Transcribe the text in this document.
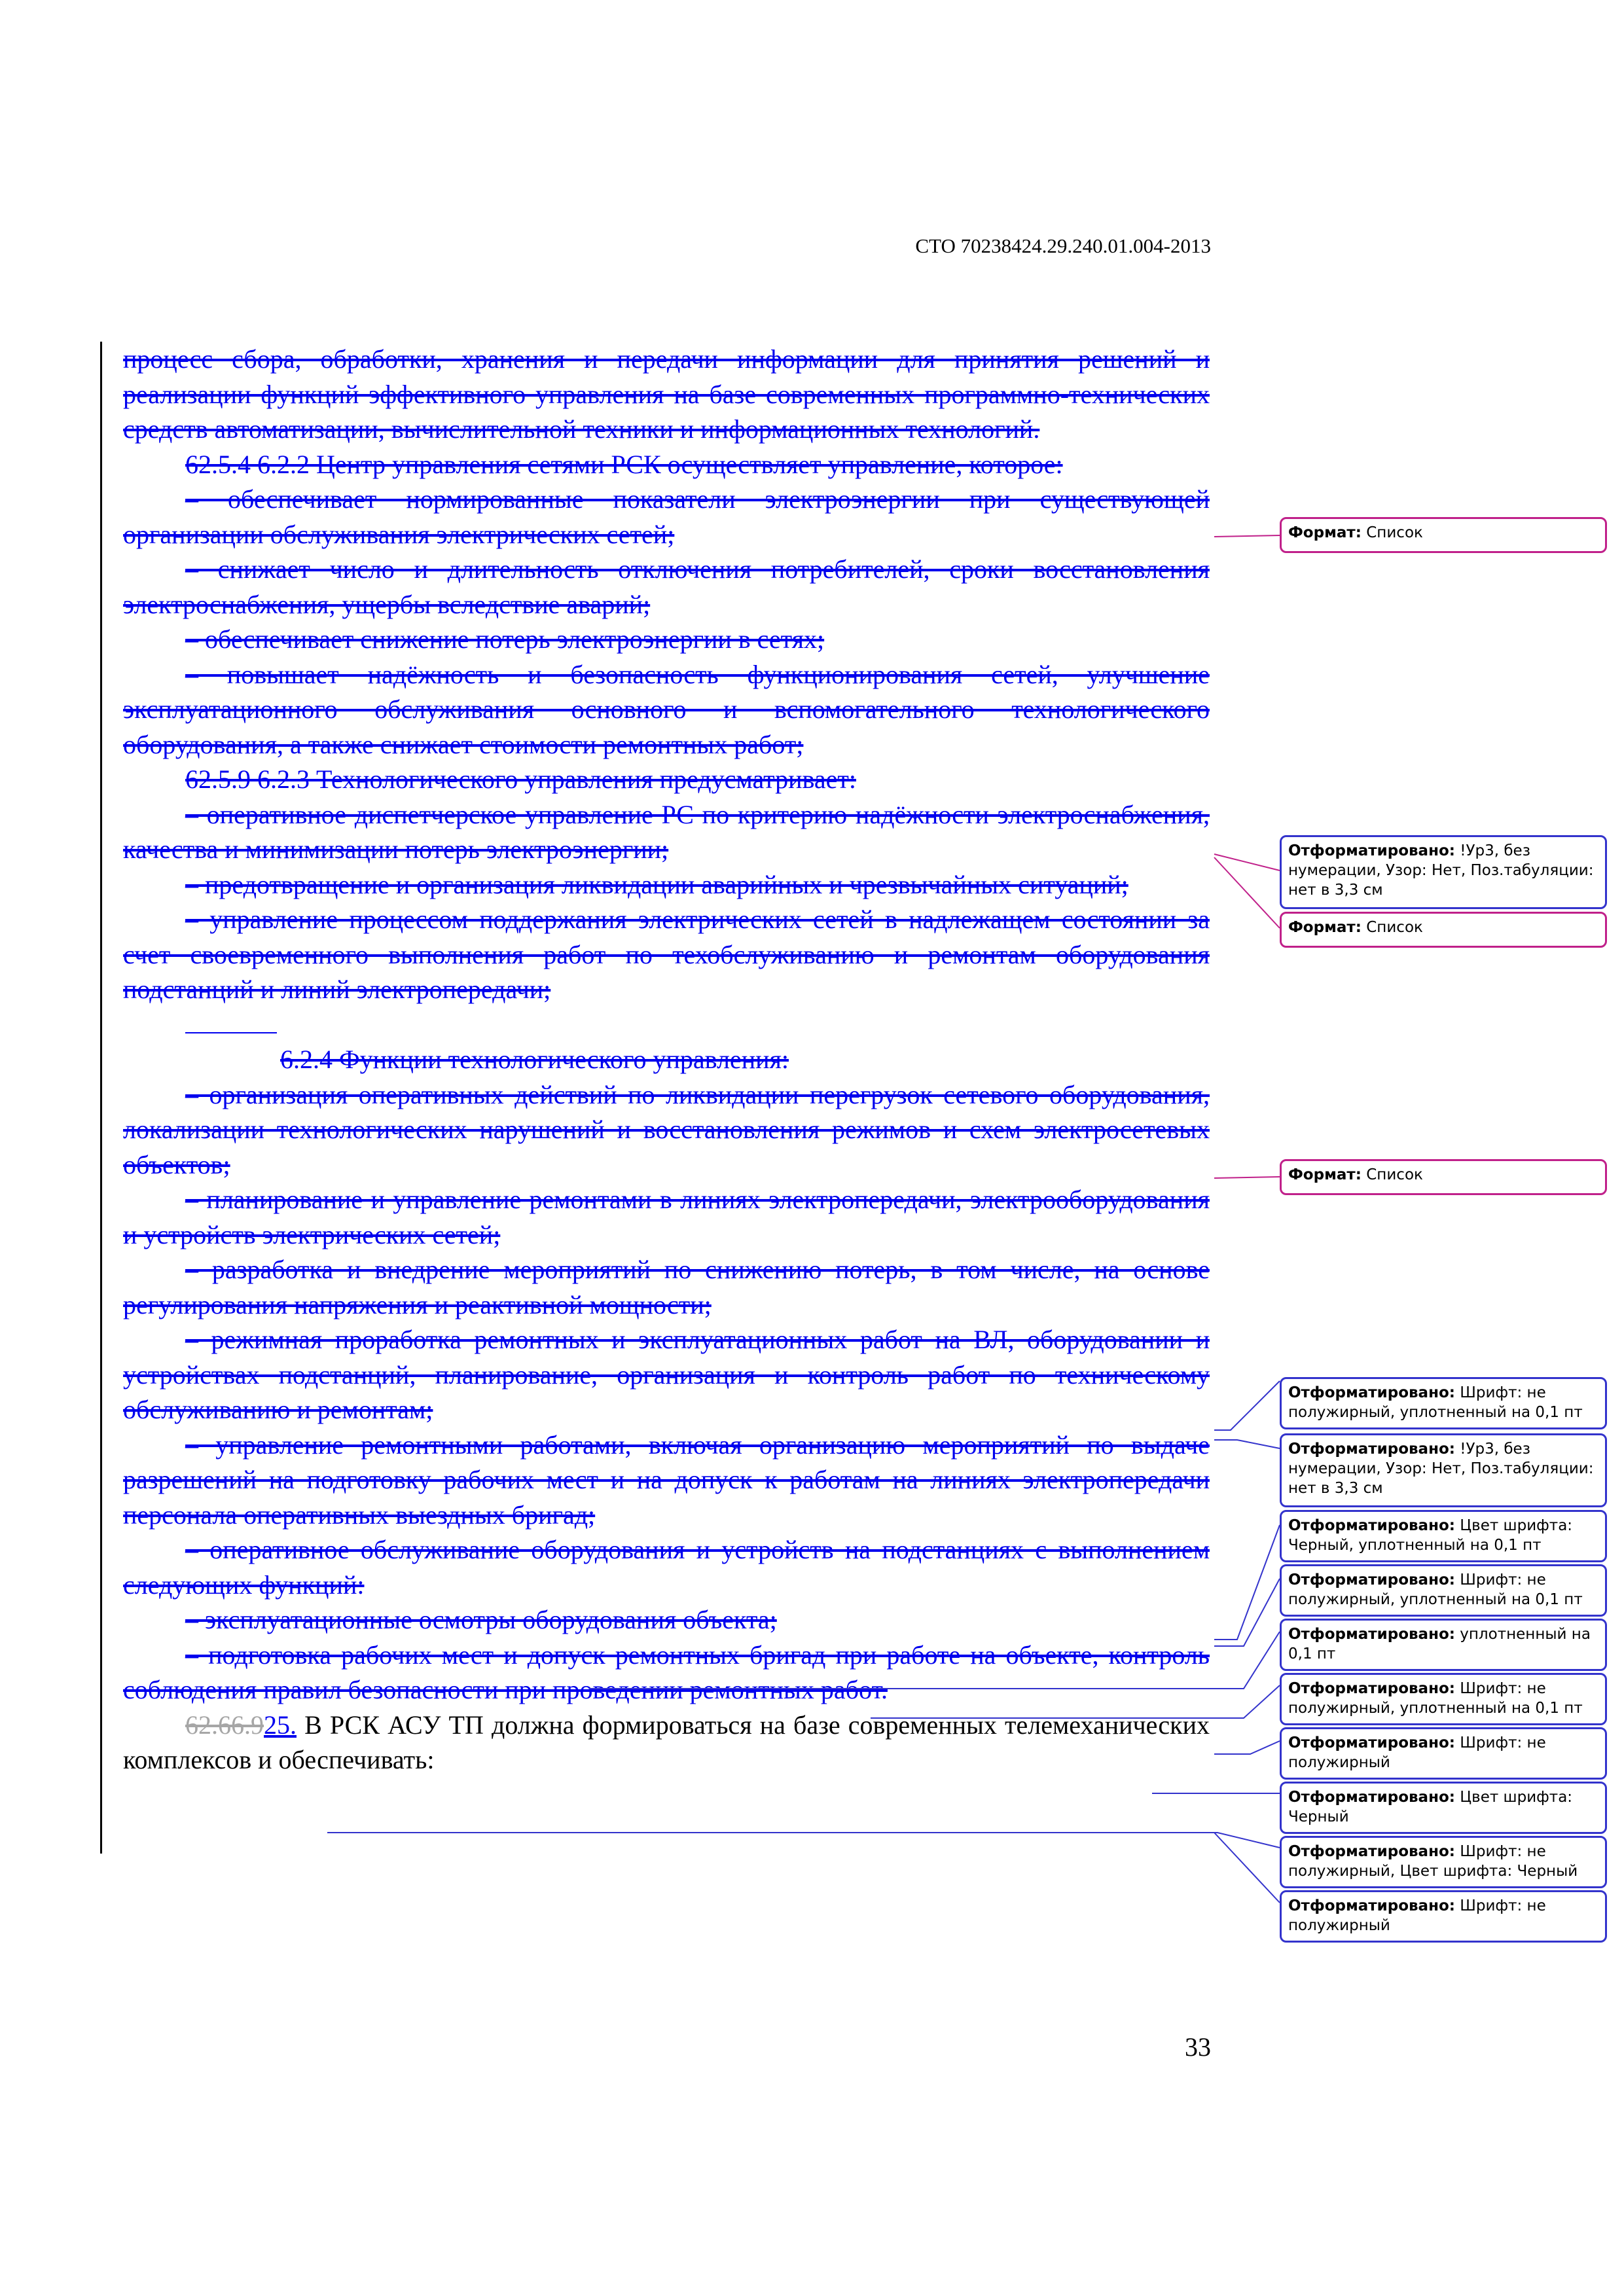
СТО 70238424.29.240.01.004-2013

процесс сбора, обработки, хранения и передачи информации для принятия решений и реализации функций эффективного управления на базе современных программно-технических средств автоматизации, вычислительной техники и информационных технологий.

62.5.4 6.2.2 Центр управления сетями РСК осуществляет управление, которое:

– обеспечивает нормированные показатели электроэнергии при существующей организации обслуживания электрических сетей;

– снижает число и длительность отключения потребителей, сроки восстановления электроснабжения, ущербы вследствие аварий;

– обеспечивает снижение потерь электроэнергии в сетях;

– повышает надёжность и безопасность функционирования сетей, улучшение эксплуатационного обслуживания основного и вспомогательного технологического оборудования, а также снижает стоимости ремонтных работ;

62.5.9 6.2.3 Технологического управления предусматривает:

– оперативное диспетчерское управление РС по критерию надёжности электроснабжения, качества и минимизации потерь электроэнергии;

– предотвращение и организация ликвидации аварийных и чрезвычайных ситуаций;

– управление процессом поддержания электрических сетей в надлежащем состоянии за счет своевременного выполнения работ по техобслуживанию и ремонтам оборудования подстанций и линий электропередачи;

6.2.4 Функции технологического управления:

– организация оперативных действий по ликвидации перегрузок сетевого оборудования, локализации технологических нарушений и восстановления режимов и схем электросетевых объектов;

– планирование и управление ремонтами в линиях электропередачи, электрооборудования и устройств электрических сетей;

– разработка и внедрение мероприятий по снижению потерь, в том числе, на основе регулирования напряжения и реактивной мощности;

– режимная проработка ремонтных и эксплуатационных работ на ВЛ, оборудовании и устройствах подстанций, планирование, организация и контроль работ по техническому обслуживанию и ремонтам;

– управление ремонтными работами, включая организацию мероприятий по выдаче разрешений на подготовку рабочих мест и на допуск к работам на линиях электропередачи персонала оперативных выездных бригад;

– оперативное обслуживание оборудования и устройств на подстанциях с выполнением следующих функций:

– эксплуатационные осмотры оборудования объекта;

– подготовка рабочих мест и допуск ремонтных бригад при работе на объекте, контроль соблюдения правил безопасности при проведении ремонтных работ.

62.66.925. В РСК АСУ ТП должна формироваться на базе современных телемеханических комплексов и обеспечивать:

Формат: Список
Отформатировано: !Ур3, без нумерации, Узор: Нет, Поз.табуляции: нет в 3,3 см
Формат: Список
Формат: Список
Отформатировано: Шрифт: не полужирный, уплотненный на 0,1 пт
Отформатировано: !Ур3, без нумерации, Узор: Нет, Поз.табуляции: нет в 3,3 см
Отформатировано: Цвет шрифта: Черный, уплотненный на 0,1 пт
Отформатировано: Шрифт: не полужирный, уплотненный на 0,1 пт
Отформатировано: уплотненный на 0,1 пт
Отформатировано: Шрифт: не полужирный, уплотненный на 0,1 пт
Отформатировано: Шрифт: не полужирный
Отформатировано: Цвет шрифта: Черный
Отформатировано: Шрифт: не полужирный, Цвет шрифта: Черный
Отформатировано: Шрифт: не полужирный
33
